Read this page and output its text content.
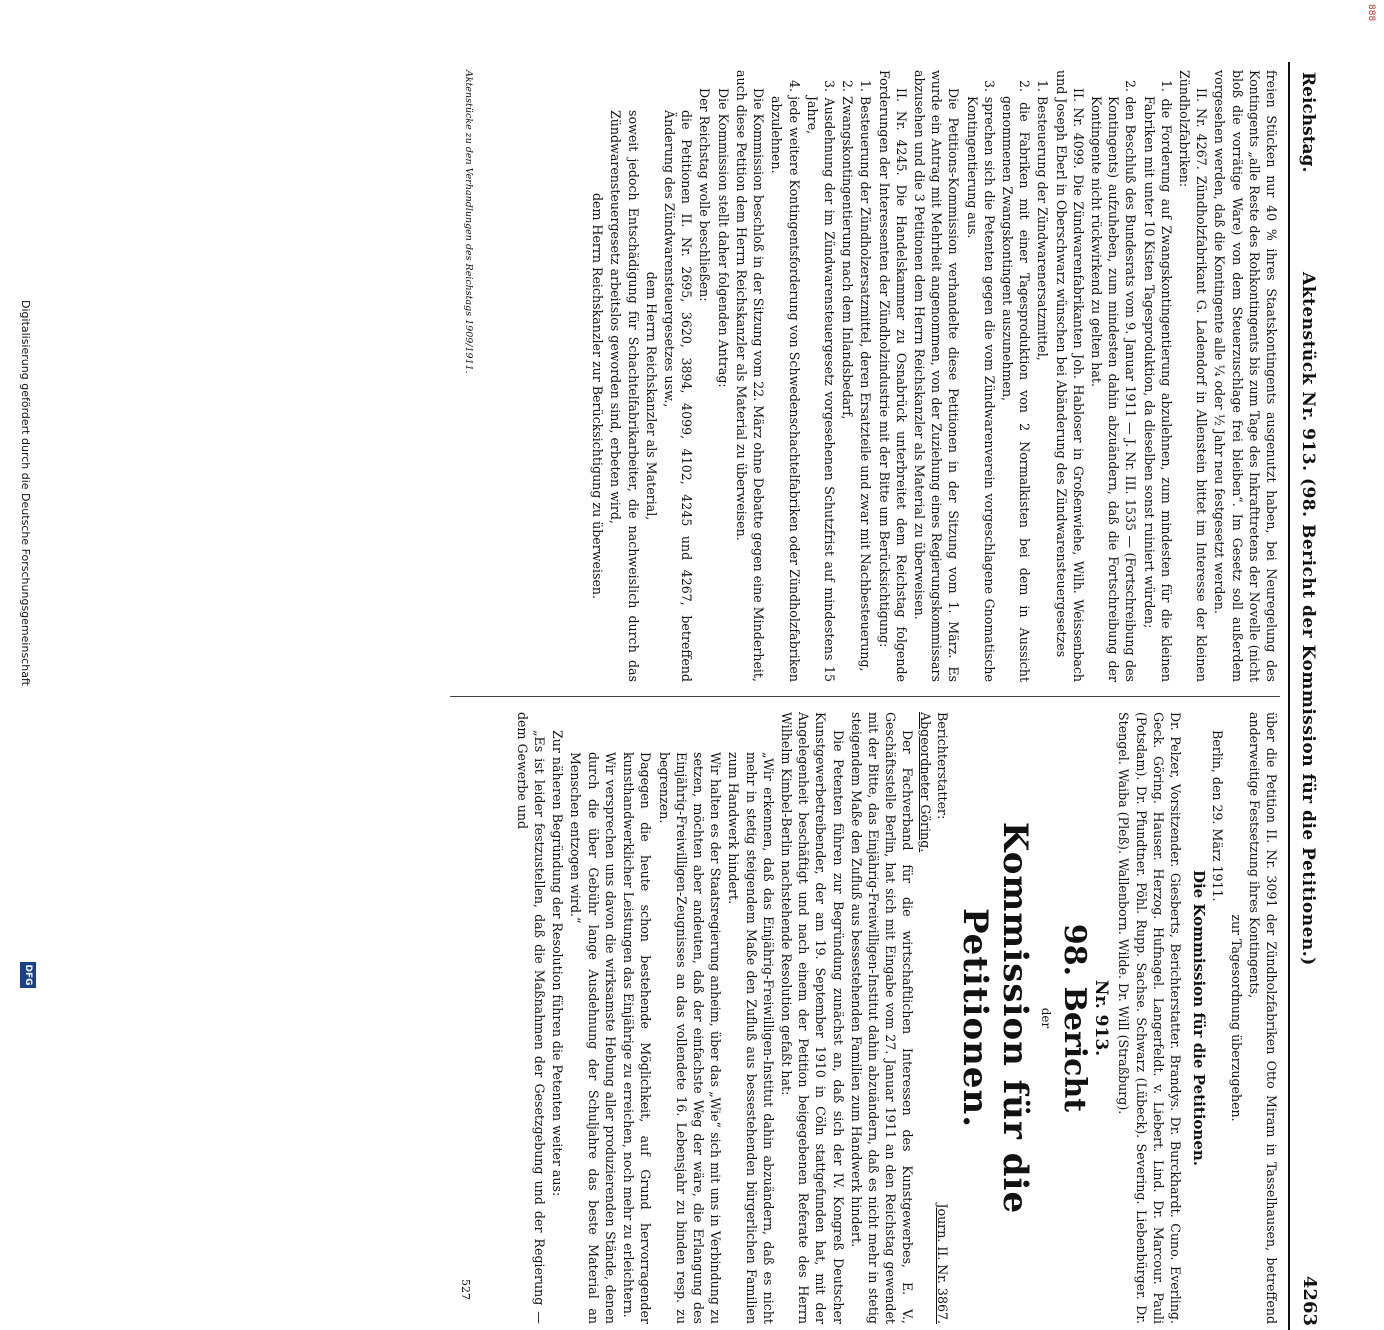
888
Reichstag.
Aktenstück Nr. 913. (98. Bericht der Kommission für die Petitionen.)
4263

freien Stücken nur 40 % ihres Staatskontingents ausgenutzt haben, bei Neuregelung des Kontingents „alle Reste des Rohkontingents bis zum Tage des Inkrafttretens der Novelle (nicht bloß die vorrätige Ware) von dem Steuerzuschlage frei bleiben“. Im Gesetz soll außerdem vorgesehen werden, daß die Kontingente alle ¼ oder ½ Jahr neu festgesetzt werden.

II. Nr. 4267. Zündholzfabrikant G. Ladendorf in Allenstein bittet im Interesse der kleinen Zündholzfabriken:

1. die Forderung auf Zwangskontingentierung abzulehnen, zum mindesten für die kleinen Fabriken mit unter 10 Kisten Tagesproduktion, da dieselben sonst ruiniert würden;

2. den Beschluß des Bundesrats vom 9. Januar 1911 — J. Nr. III. 1535 — (Fortschreibung des Kontingents) aufzuheben, zum mindesten dahin abzuändern, daß die Fortschreibung der Kontingente nicht rückwirkend zu gelten hat.

II. Nr. 4099. Die Zündwarenfabrikanten Joh. Habloser in Großenwiehe, Wilh. Weissenbach und Joseph Eberl in Oberschwarz wünschen bei Abänderung des Zündwarensteuergesetzes

1. Besteuerung der Zündwarenersatzmittel,

2. die Fabriken mit einer Tagesproduktion von 2 Normalkisten bei dem in Aussicht genommenen Zwangskontingent auszunehmen,

3. sprechen sich die Petenten gegen die vom Zündwarenverein vorgeschlagene Gnomatische Kontingentierung aus.

Die Petitions-Kommission verhandelte diese Petitionen in der Sitzung vom 1. März. Es wurde ein Antrag mit Mehrheit angenommen, von der Zuziehung eines Regierungskommissars abzusehen und die 3 Petitionen dem Herrn Reichskanzler als Material zu überweisen.

II. Nr. 4245. Die Handelskammer zu Osnabrück unterbreitet dem Reichstag folgende Forderungen der Interessenten der Zündholzindustrie mit der Bitte um Berücksichtigung:

1. Besteuerung der Zündholzersatzmittel, deren Ersatzteile und zwar mit Nachbesteuerung,

2. Zwangskontingentierung nach dem Inlandsbedarf,

3. Ausdehnung der im Zündwarensteuergesetz vorgesehenen Schutzfrist auf mindestens 15 Jahre,

4. jede weitere Kontingentsforderung von Schwedenschachtelfabriken oder Zündholzfabriken abzulehnen.

Die Kommission beschloß in der Sitzung vom 22. März ohne Debatte gegen eine Minderheit, auch diese Petition dem Herrn Reichskanzler als Material zu überweisen.

Die Kommission stellt daher folgenden Antrag:

Der Reichstag wolle beschließen:

die Petitionen II. Nr. 2695, 3620, 3894, 4099, 4102, 4245 und 4267, betreffend Änderung des Zündwarensteuergesetzes usw.,

dem Herrn Reichskanzler als Material,

soweit jedoch Entschädigung für Schachtelfabrikarbeiter, die nachweislich durch das Zündwarensteuergesetz arbeitslos geworden sind, erbeten wird,

dem Herrn Reichskanzler zur Berücksichtigung zu überweisen.

über die Petition II. Nr. 3091 der Zündholzfabriken Otto Miram in Tasselhausen, betreffend anderweitige Festsetzung ihres Kontingents,

zur Tagesordnung überzugehen.

Berlin, den 29. März 1911.

Die Kommission für die Petitionen.

Dr. Pelzer, Vorsitzender. Giesberts, Berichterstatter. Brandys. Dr. Burckhardt. Cuno. Everling. Geck. Göring. Hauser. Herzog. Hufnagel. Langerfeldt. v. Liebert. Lind. Dr. Marcour. Pauli (Potsdam). Dr. Pfundtner. Pöhl. Rupp. Sachse. Schwarz (Lübeck). Severing. Liebenbürger. Dr. Stengel. Waiba (Pleß). Wallenborn. Wilde. Dr. Will (Straßburg).

Nr. 913.

98. Bericht

der

Kommission für die Petitionen.

Berichterstatter:
Abgeordneter Göring.
Journ. II. Nr. 3867.

Der Fachverband für die wirtschaftlichen Interessen des Kunstgewerbes, E. V., Geschäftsstelle Berlin, hat sich mit Eingabe vom 27. Januar 1911 an den Reichstag gewendet mit der Bitte, das Einjährig-Freiwilligen-Institut dahin abzuändern, daß es nicht mehr in stetig steigendem Maße den Zufluß aus bessestehenden Familien zum Handwerk hindert.

Die Petenten führen zur Begründung zunächst an, daß sich der IV. Kongreß Deutscher Kunstgewerbetreibender, der am 19. September 1910 in Cöln stattgefunden hat, mit der Angelegenheit beschäftigt und nach einem der Petition beigegebenen Referate des Herrn Wilhelm Kimbel-Berlin nachstehende Resolution gefaßt hat:

„Wir erkennen, daß das Einjährig-Freiwilligen-Institut dahin abzuändern, daß es nicht mehr in stetig steigendem Maße den Zufluß aus bessestehenden bürgerlichen Familien zum Handwerk hindert.

Wir halten es der Staatsregierung anheim, über das „Wie“ sich mit uns in Verbindung zu setzen, möchten aber andeuten, daß der einfachste Weg der wäre, die Erlangung des Einjährig-Freiwilligen-Zeugnisses an das vollendete 16. Lebensjahr zu binden resp. zu begrenzen.

Dagegen die heute schon bestehende Möglichkeit, auf Grund hervorragender kunsthandwerklicher Leistungen das Einjährige zu erreichen, noch mehr zu erleichtern.

Wir versprechen uns davon die wirksamste Hebung aller produzierenden Stände, denen durch die über Gebühr lange Ausdehnung der Schuljahre das beste Material an Menschen entzogen wird.“

Zur näheren Begründung der Resolution führen die Petenten weiter aus:

„Es ist leider festzustellen, daß die Maßnahmen der Gesetzgebung und der Regierung — dem Gewerbe und

Aktenstücke zu den Verhandlungen des Reichstags 1909/1911.
527
Digitalisierung gefördert durch die Deutsche Forschungsgemeinschaft
DFG
